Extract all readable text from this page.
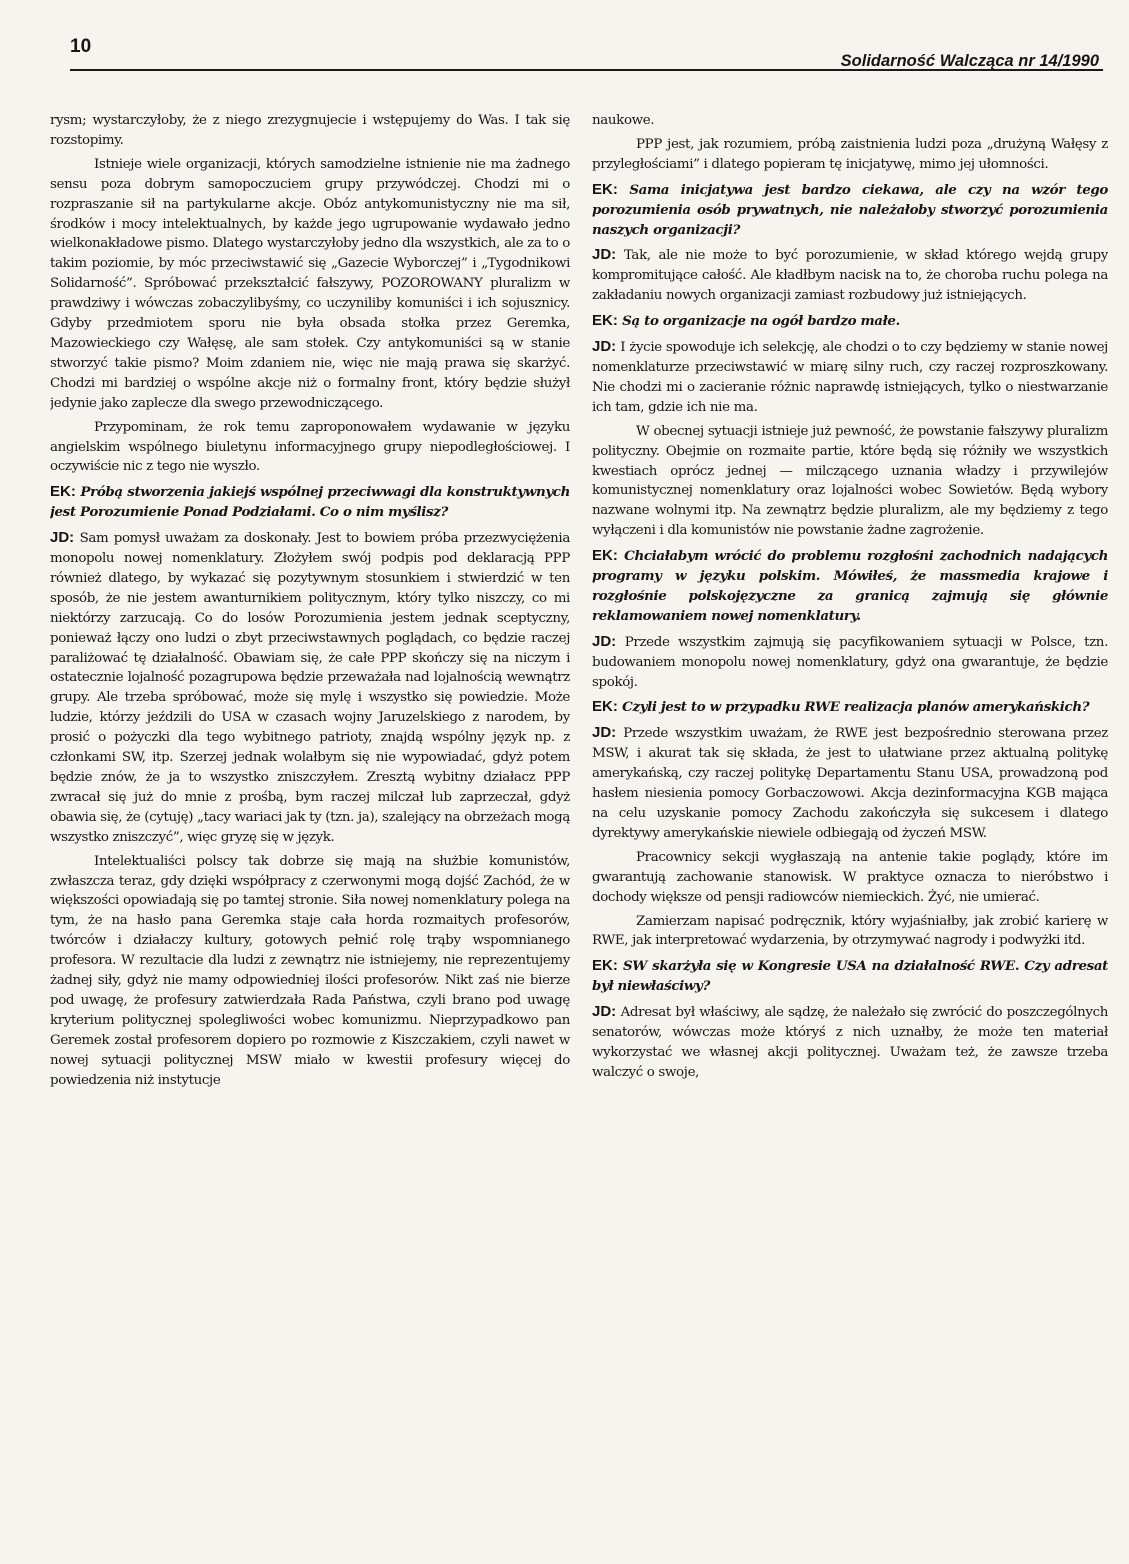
10
Solidarność Walcząca nr 14/1990

rysm; wystarczyłoby, że z niego zrezygnujecie i wstępujemy do Was. I tak się rozstopimy.

Istnieje wiele organizacji, których samodzielne istnienie nie ma żadnego sensu poza dobrym samopoczuciem grupy przywódczej. Chodzi mi o rozpraszanie sił na partykularne akcje. Obóz antykomunistyczny nie ma sił, środków i mocy intelektualnych, by każde jego ugrupowanie wydawało jedno wielkonakładowe pismo. Dlatego wystarczyłoby jedno dla wszystkich, ale za to o takim poziomie, by móc przeciwstawić się „Gazecie Wyborczej” i „Tygodnikowi Solidarność”. Spróbować przekształcić fałszywy, POZOROWANY pluralizm w prawdziwy i wówczas zobaczylibyśmy, co uczyniliby komuniści i ich sojusznicy. Gdyby przedmiotem sporu nie była obsada stołka przez Geremka, Mazowieckiego czy Wałęsę, ale sam stołek. Czy antykomuniści są w stanie stworzyć takie pismo? Moim zdaniem nie, więc nie mają prawa się skarżyć. Chodzi mi bardziej o wspólne akcje niż o formalny front, który będzie służył jedynie jako zaplecze dla swego przewodniczącego.

Przypominam, że rok temu zaproponowałem wydawanie w języku angielskim wspólnego biuletynu informacyjnego grupy niepodległościowej. I oczywiście nic z tego nie wyszło.

EK: Próbą stworzenia jakiejś wspólnej przeciwwagi dla konstruktywnych jest Porozumienie Ponad Podziałami. Co o nim myślisz?

JD: Sam pomysł uważam za doskonały. Jest to bowiem próba przezwyciężenia monopolu nowej nomenklatury. Złożyłem swój podpis pod deklaracją PPP również dlatego, by wykazać się pozytywnym stosunkiem i stwierdzić w ten sposób, że nie jestem awanturnikiem politycznym, który tylko niszczy, co mi niektórzy zarzucają. Co do losów Porozumienia jestem jednak sceptyczny, ponieważ łączy ono ludzi o zbyt przeciwstawnych poglądach, co będzie raczej paraliżować tę działalność. Obawiam się, że całe PPP skończy się na niczym i ostatecznie lojalność pozagrupowa będzie przeważała nad lojalnością wewnątrz grupy. Ale trzeba spróbować, może się mylę i wszystko się powiedzie. Może ludzie, którzy jeździli do USA w czasach wojny Jaruzelskiego z narodem, by prosić o pożyczki dla tego wybitnego patrioty, znajdą wspólny język np. z członkami SW, itp. Szerzej jednak wolałbym się nie wypowiadać, gdyż potem będzie znów, że ja to wszystko zniszczyłem. Zresztą wybitny działacz PPP zwracał się już do mnie z prośbą, bym raczej milczał lub zaprzeczał, gdyż obawia się, że (cytuję) „tacy wariaci jak ty (tzn. ja), szalejący na obrzeżach mogą wszystko zniszczyć”, więc gryzę się w język.

Intelektualiści polscy tak dobrze się mają na służbie komunistów, zwłaszcza teraz, gdy dzięki współpracy z czerwonymi mogą dojść Zachód, że w większości opowiadają się po tamtej stronie. Siła nowej nomenklatury polega na tym, że na hasło pana Geremka staje cała horda rozmaitych profesorów, twórców i działaczy kultury, gotowych pełnić rolę trąby wspomnianego profesora. W rezultacie dla ludzi z zewnątrz nie istniejemy, nie reprezentujemy żadnej siły, gdyż nie mamy odpowiedniej ilości profesorów. Nikt zaś nie bierze pod uwagę, że profesury zatwierdzała Rada Państwa, czyli brano pod uwagę kryterium politycznej spolegliwości wobec komunizmu. Nieprzypadkowo pan Geremek został profesorem dopiero po rozmowie z Kiszczakiem, czyli nawet w nowej sytuacji politycznej MSW miało w kwestii profesury więcej do powiedzenia niż instytucje

naukowe.

PPP jest, jak rozumiem, próbą zaistnienia ludzi poza „drużyną Wałęsy z przyległościami” i dlatego popieram tę inicjatywę, mimo jej ułomności.

EK: Sama inicjatywa jest bardzo ciekawa, ale czy na wzór tego porozumienia osób prywatnych, nie należałoby stworzyć porozumienia naszych organizacji?

JD: Tak, ale nie może to być porozumienie, w skład którego wejdą grupy kompromitujące całość. Ale kładłbym nacisk na to, że choroba ruchu polega na zakładaniu nowych organizacji zamiast rozbudowy już istniejących.

EK: Są to organizacje na ogół bardzo małe.

JD: I życie spowoduje ich selekcję, ale chodzi o to czy będziemy w stanie nowej nomenklaturze przeciwstawić w miarę silny ruch, czy raczej rozproszkowany. Nie chodzi mi o zacieranie różnic naprawdę istniejących, tylko o niestwarzanie ich tam, gdzie ich nie ma.

W obecnej sytuacji istnieje już pewność, że powstanie fałszywy pluralizm polityczny. Obejmie on rozmaite partie, które będą się różniły we wszystkich kwestiach oprócz jednej — milczącego uznania władzy i przywilejów komunistycznej nomenklatury oraz lojalności wobec Sowietów. Będą wybory nazwane wolnymi itp. Na zewnątrz będzie pluralizm, ale my będziemy z tego wyłączeni i dla komunistów nie powstanie żadne zagrożenie.

EK: Chciałabym wrócić do problemu rozgłośni zachodnich nadających programy w języku polskim. Mówiłeś, że massmedia krajowe i rozgłośnie polskojęzyczne za granicą zajmują się głównie reklamowaniem nowej nomenklatury.

JD: Przede wszystkim zajmują się pacyfikowaniem sytuacji w Polsce, tzn. budowaniem monopolu nowej nomenklatury, gdyż ona gwarantuje, że będzie spokój.

EK: Czyli jest to w przypadku RWE realizacja planów amerykańskich?

JD: Przede wszystkim uważam, że RWE jest bezpośrednio sterowana przez MSW, i akurat tak się składa, że jest to ułatwiane przez aktualną politykę amerykańską, czy raczej politykę Departamentu Stanu USA, prowadzoną pod hasłem niesienia pomocy Gorbaczowowi. Akcja dezinformacyjna KGB mająca na celu uzyskanie pomocy Zachodu zakończyła się sukcesem i dlatego dyrektywy amerykańskie niewiele odbiegają od życzeń MSW.

Pracownicy sekcji wygłaszają na antenie takie poglądy, które im gwarantują zachowanie stanowisk. W praktyce oznacza to nieróbstwo i dochody większe od pensji radiowców niemieckich. Żyć, nie umierać.

Zamierzam napisać podręcznik, który wyjaśniałby, jak zrobić karierę w RWE, jak interpretować wydarzenia, by otrzymywać nagrody i podwyżki itd.

EK: SW skarżyła się w Kongresie USA na działalność RWE. Czy adresat był niewłaściwy?

JD: Adresat był właściwy, ale sądzę, że należało się zwrócić do poszczególnych senatorów, wówczas może któryś z nich uznałby, że może ten materiał wykorzystać we własnej akcji politycznej. Uważam też, że zawsze trzeba walczyć o swoje,
